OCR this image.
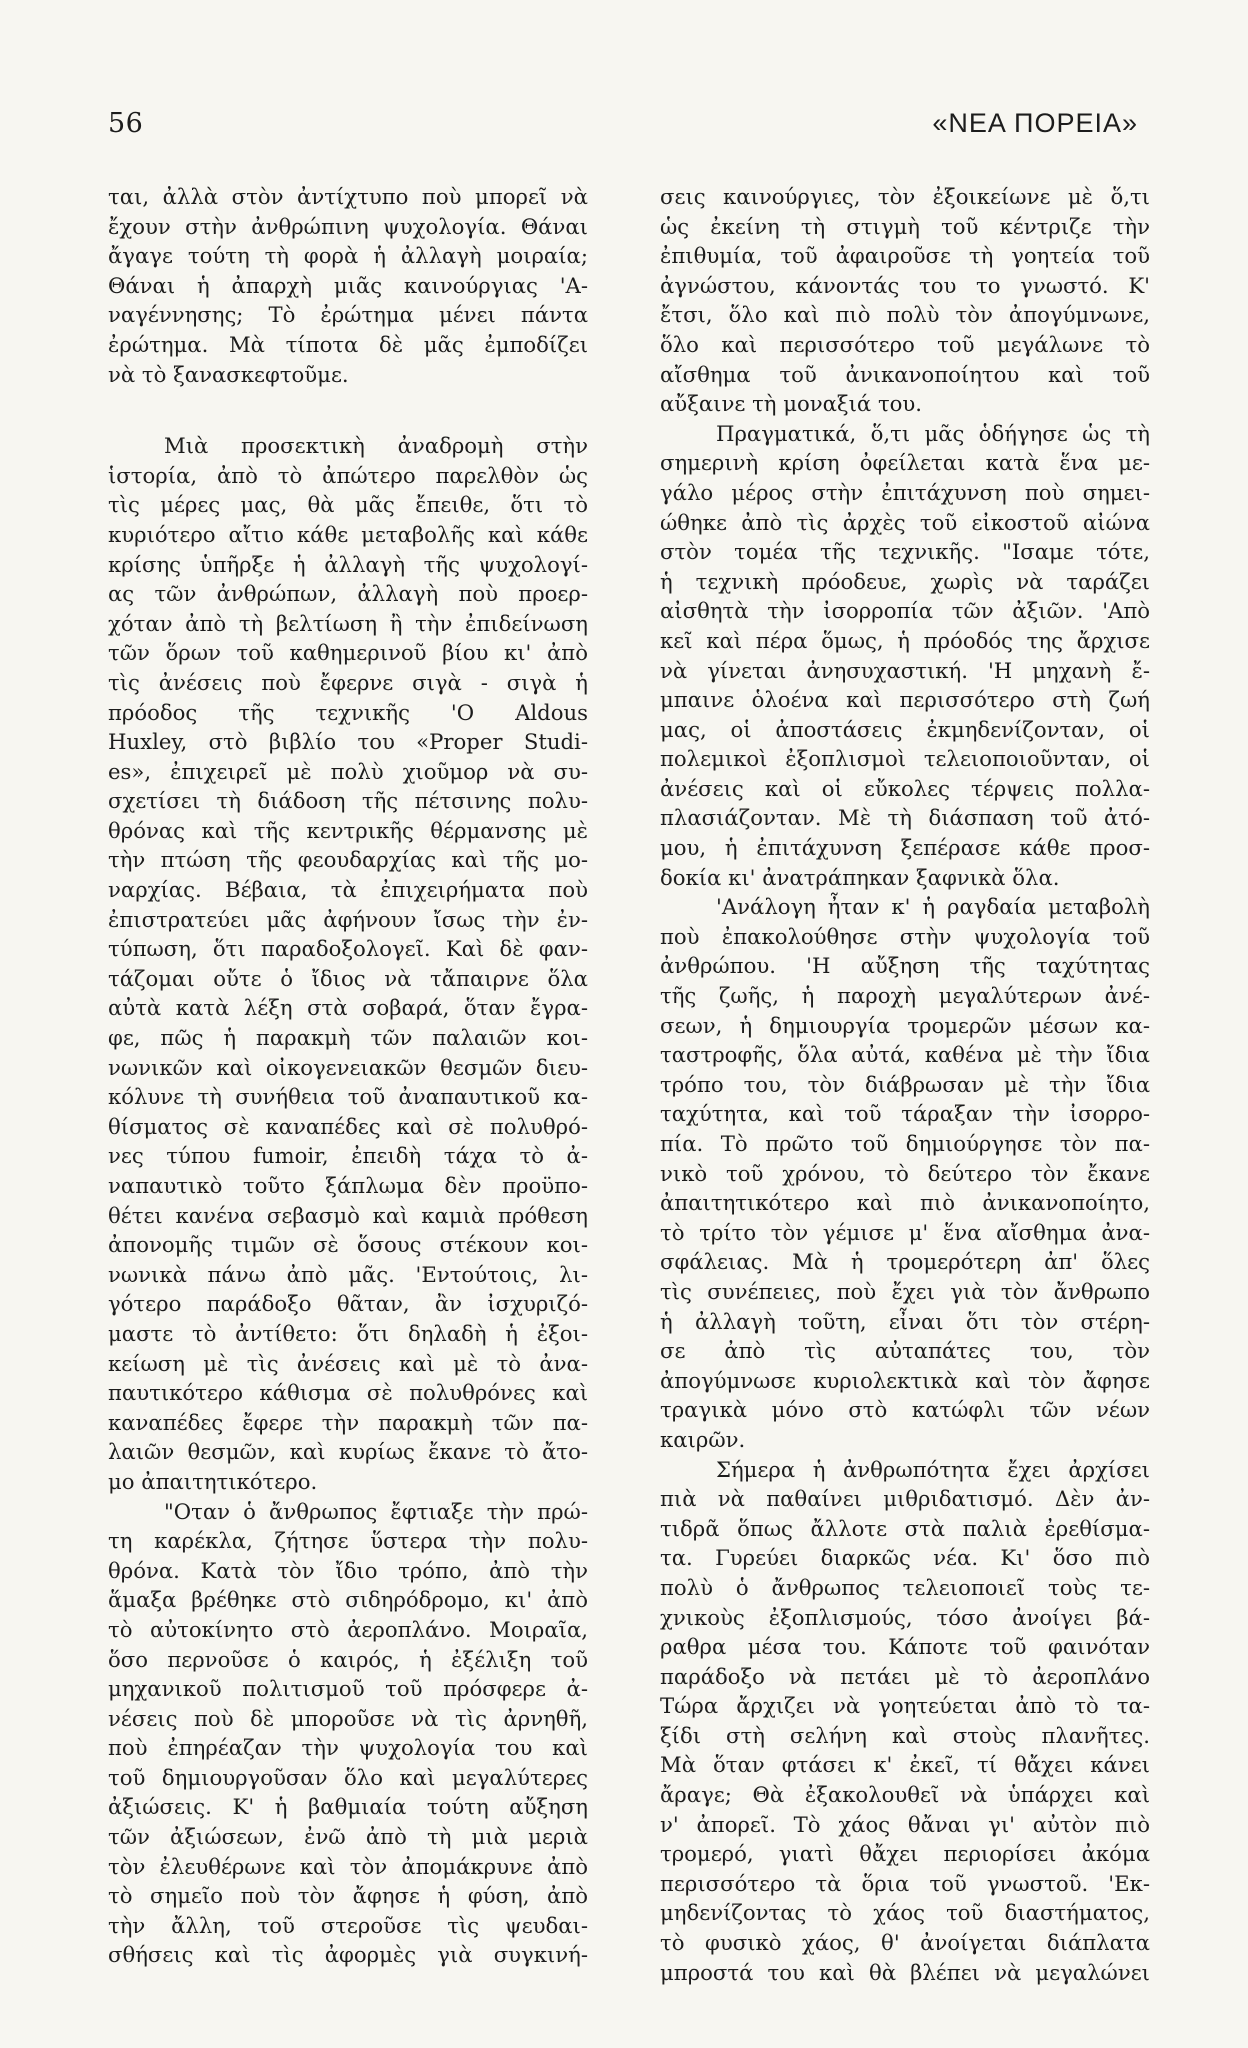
56	«ΝΕΑ ΠΟΡΕΙΑ»
ται, ἀλλὰ στὸν ἀντίχτυπο ποὺ μπορεῖ νὰ
ἔχουν στὴν ἀνθρώπινη ψυχολογία. Θάναι
ἄγαγε τούτη τὴ φορὰ ἡ ἀλλαγὴ μοιραία;
Θάναι ἡ ἀπαρχὴ μιᾶς καινούργιας 'Α-
ναγέννησης; Τὸ ἐρώτημα μένει πάντα
ἐρώτημα. Μὰ τίποτα δὲ μᾶς ἐμποδίζει
νὰ τὸ ξανασκεφτοῦμε.
Μιὰ προσεκτικὴ ἀναδρομὴ στὴν
ἱστορία, ἀπὸ τὸ ἀπώτερο παρελθὸν ὡς
τὶς μέρες μας, θὰ μᾶς ἔπειθε, ὅτι τὸ
κυριότερο αἴτιο κάθε μεταβολῆς καὶ κάθε
κρίσης ὑπῆρξε ἡ ἀλλαγὴ τῆς ψυχολογί-
ας τῶν ἀνθρώπων, ἀλλαγὴ ποὺ προερ-
χόταν ἀπὸ τὴ βελτίωση ἢ τὴν ἐπιδείνωση
τῶν ὅρων τοῦ καθημερινοῦ βίου κι' ἀπὸ
τὶς ἀνέσεις ποὺ ἔφερνε σιγὰ - σιγὰ ἡ
πρόοδος τῆς τεχνικῆς 'Ο Aldous
Huxley, στὸ βιβλίο του «Proper Studi-
es», ἐπιχειρεῖ μὲ πολὺ χιοῦμορ νὰ συ-
σχετίσει τὴ διάδοση τῆς πέτσινης πολυ-
θρόνας καὶ τῆς κεντρικῆς θέρμανσης μὲ
τὴν πτώση τῆς φεουδαρχίας καὶ τῆς μο-
ναρχίας. Βέβαια, τὰ ἐπιχειρήματα ποὺ
ἐπιστρατεύει μᾶς ἀφήνουν ἴσως τὴν ἐν-
τύπωση, ὅτι παραδοξολογεῖ. Καὶ δὲ φαν-
τάζομαι οὔτε ὁ ἴδιος νὰ τἄπαιρνε ὅλα
αὐτὰ κατὰ λέξη στὰ σοβαρά, ὅταν ἔγρα-
φε, πῶς ἡ παρακμὴ τῶν παλαιῶν κοι-
νωνικῶν καὶ οἰκογενειακῶν θεσμῶν διευ-
κόλυνε τὴ συνήθεια τοῦ ἀναπαυτικοῦ κα-
θίσματος σὲ καναπέδες καὶ σὲ πολυθρό-
νες τύπου fumoir, ἐπειδὴ τάχα τὸ ἀ-
ναπαυτικὸ τοῦτο ξάπλωμα δὲν προϋπο-
θέτει κανένα σεβασμὸ καὶ καμιὰ πρόθεση
ἀπονομῆς τιμῶν σὲ ὅσους στέκουν κοι-
νωνικὰ πάνω ἀπὸ μᾶς. 'Εντούτοις, λι-
γότερο παράδοξο θᾶταν, ἂν ἰσχυριζό-
μαστε τὸ ἀντίθετο: ὅτι δηλαδὴ ἡ ἐξοι-
κείωση μὲ τὶς ἀνέσεις καὶ μὲ τὸ ἀνα-
παυτικότερο κάθισμα σὲ πολυθρόνες καὶ
καναπέδες ἔφερε τὴν παρακμὴ τῶν πα-
λαιῶν θεσμῶν, καὶ κυρίως ἔκανε τὸ ἄτο-
μο ἀπαιτητικότερο.
"Οταν ὁ ἄνθρωπος ἔφτιαξε τὴν πρώ-
τη καρέκλα, ζήτησε ὕστερα τὴν πολυ-
θρόνα. Κατὰ τὸν ἴδιο τρόπο, ἀπὸ τὴν
ἅμαξα βρέθηκε στὸ σιδηρόδρομο, κι' ἀπὸ
τὸ αὐτοκίνητο στὸ ἀεροπλάνο. Μοιραῖα,
ὅσο περνοῦσε ὁ καιρός, ἡ ἐξέλιξη τοῦ
μηχανικοῦ πολιτισμοῦ τοῦ πρόσφερε ἀ-
νέσεις ποὺ δὲ μποροῦσε νὰ τὶς ἀρνηθῆ,
ποὺ ἐπηρέαζαν τὴν ψυχολογία του καὶ
τοῦ δημιουργοῦσαν ὅλο καὶ μεγαλύτερες
ἀξιώσεις. Κ' ἡ βαθμιαία τούτη αὔξηση
τῶν ἀξιώσεων, ἐνῶ ἀπὸ τὴ μιὰ μεριὰ
τὸν ἐλευθέρωνε καὶ τὸν ἀπομάκρυνε ἀπὸ
τὸ σημεῖο ποὺ τὸν ἄφησε ἡ φύση, ἀπὸ
τὴν ἄλλη, τοῦ στεροῦσε τὶς ψευδαι-
σθήσεις καὶ τὶς ἀφορμὲς γιὰ συγκινή-
σεις καινούργιες, τὸν ἐξοικείωνε μὲ ὅ,τι
ὡς ἐκείνη τὴ στιγμὴ τοῦ κέντριζε τὴν
ἐπιθυμία, τοῦ ἀφαιροῦσε τὴ γοητεία τοῦ
ἀγνώστου, κάνοντάς του το γνωστό. Κ'
ἔτσι, ὅλο καὶ πιὸ πολὺ τὸν ἀπογύμνωνε,
ὅλο καὶ περισσότερο τοῦ μεγάλωνε τὸ
αἴσθημα τοῦ ἀνικανοποίητου καὶ τοῦ
αὔξαινε τὴ μοναξιά του.
Πραγματικά, ὅ,τι μᾶς ὁδήγησε ὡς τὴ
σημερινὴ κρίση ὀφείλεται κατὰ ἕνα με-
γάλο μέρος στὴν ἐπιτάχυνση ποὺ σημει-
ώθηκε ἀπὸ τὶς ἀρχὲς τοῦ εἰκοστοῦ αἰώνα
στὸν τομέα τῆς τεχνικῆς. "Ισαμε τότε,
ἡ τεχνικὴ πρόοδευε, χωρὶς νὰ ταράζει
αἰσθητὰ τὴν ἰσορροπία τῶν ἀξιῶν. 'Απὸ
κεῖ καὶ πέρα ὅμως, ἡ πρόοδός της ἄρχισε
νὰ γίνεται ἀνησυχαστική. 'Η μηχανὴ ἔ-
μπαινε ὁλοένα καὶ περισσότερο στὴ ζωή
μας, οἱ ἀποστάσεις ἐκμηδενίζονταν, οἱ
πολεμικοὶ ἐξοπλισμοὶ τελειοποιοῦνταν, οἱ
ἀνέσεις καὶ οἱ εὔκολες τέρψεις πολλα-
πλασιάζονταν. Μὲ τὴ διάσπαση τοῦ ἀτό-
μου, ἡ ἐπιτάχυνση ξεπέρασε κάθε προσ-
δοκία κι' ἀνατράπηκαν ξαφνικὰ ὅλα.
'Ανάλογη ἦταν κ' ἡ ραγδαία μεταβολὴ
ποὺ ἐπακολούθησε στὴν ψυχολογία τοῦ
ἀνθρώπου. 'Η αὔξηση τῆς ταχύτητας
τῆς ζωῆς, ἡ παροχὴ μεγαλύτερων ἀνέ-
σεων, ἡ δημιουργία τρομερῶν μέσων κα-
ταστροφῆς, ὅλα αὐτά, καθένα μὲ τὴν ἴδια
τρόπο του, τὸν διάβρωσαν μὲ τὴν ἴδια
ταχύτητα, καὶ τοῦ τάραξαν τὴν ἰσορρο-
πία. Τὸ πρῶτο τοῦ δημιούργησε τὸν πα-
νικὸ τοῦ χρόνου, τὸ δεύτερο τὸν ἔκανε
ἀπαιτητικότερο καὶ πιὸ ἀνικανοποίητο,
τὸ τρίτο τὸν γέμισε μ' ἕνα αἴσθημα ἀνα-
σφάλειας. Μὰ ἡ τρομερότερη ἀπ' ὅλες
τὶς συνέπειες, ποὺ ἔχει γιὰ τὸν ἄνθρωπο
ἡ ἀλλαγὴ τοῦτη, εἶναι ὅτι τὸν στέρη-
σε ἀπὸ τὶς αὐταπάτες του, τὸν
ἀπογύμνωσε κυριολεκτικὰ καὶ τὸν ἄφησε
τραγικὰ μόνο στὸ κατώφλι τῶν νέων
καιρῶν.
Σήμερα ἡ ἀνθρωπότητα ἔχει ἀρχίσει
πιὰ νὰ παθαίνει μιθριδατισμό. Δὲν ἀν-
τιδρᾶ ὅπως ἄλλοτε στὰ παλιὰ ἐρεθίσμα-
τα. Γυρεύει διαρκῶς νέα. Κι' ὅσο πιὸ
πολὺ ὁ ἄνθρωπος τελειοποιεῖ τοὺς τε-
χνικοὺς ἐξοπλισμούς, τόσο ἀνοίγει βά-
ραθρα μέσα του. Κάποτε τοῦ φαινόταν
παράδοξο νὰ πετάει μὲ τὸ ἀεροπλάνο
Τώρα ἄρχιζει νὰ γοητεύεται ἀπὸ τὸ τα-
ξίδι στὴ σελήνη καὶ στοὺς πλανῆτες.
Μὰ ὅταν φτάσει κ' ἐκεῖ, τί θἄχει κάνει
ἄραγε; Θὰ ἐξακολουθεῖ νὰ ὑπάρχει καὶ
ν' ἀπορεῖ. Τὸ χάος θἄναι γι' αὐτὸν πιὸ
τρομερό, γιατὶ θἄχει περιορίσει ἀκόμα
περισσότερο τὰ ὅρια τοῦ γνωστοῦ. 'Εκ-
μηδενίζοντας τὸ χάος τοῦ διαστήματος,
τὸ φυσικὸ χάος, θ' ἀνοίγεται διάπλατα
μπροστά του καὶ θὰ βλέπει νὰ μεγαλώνει
